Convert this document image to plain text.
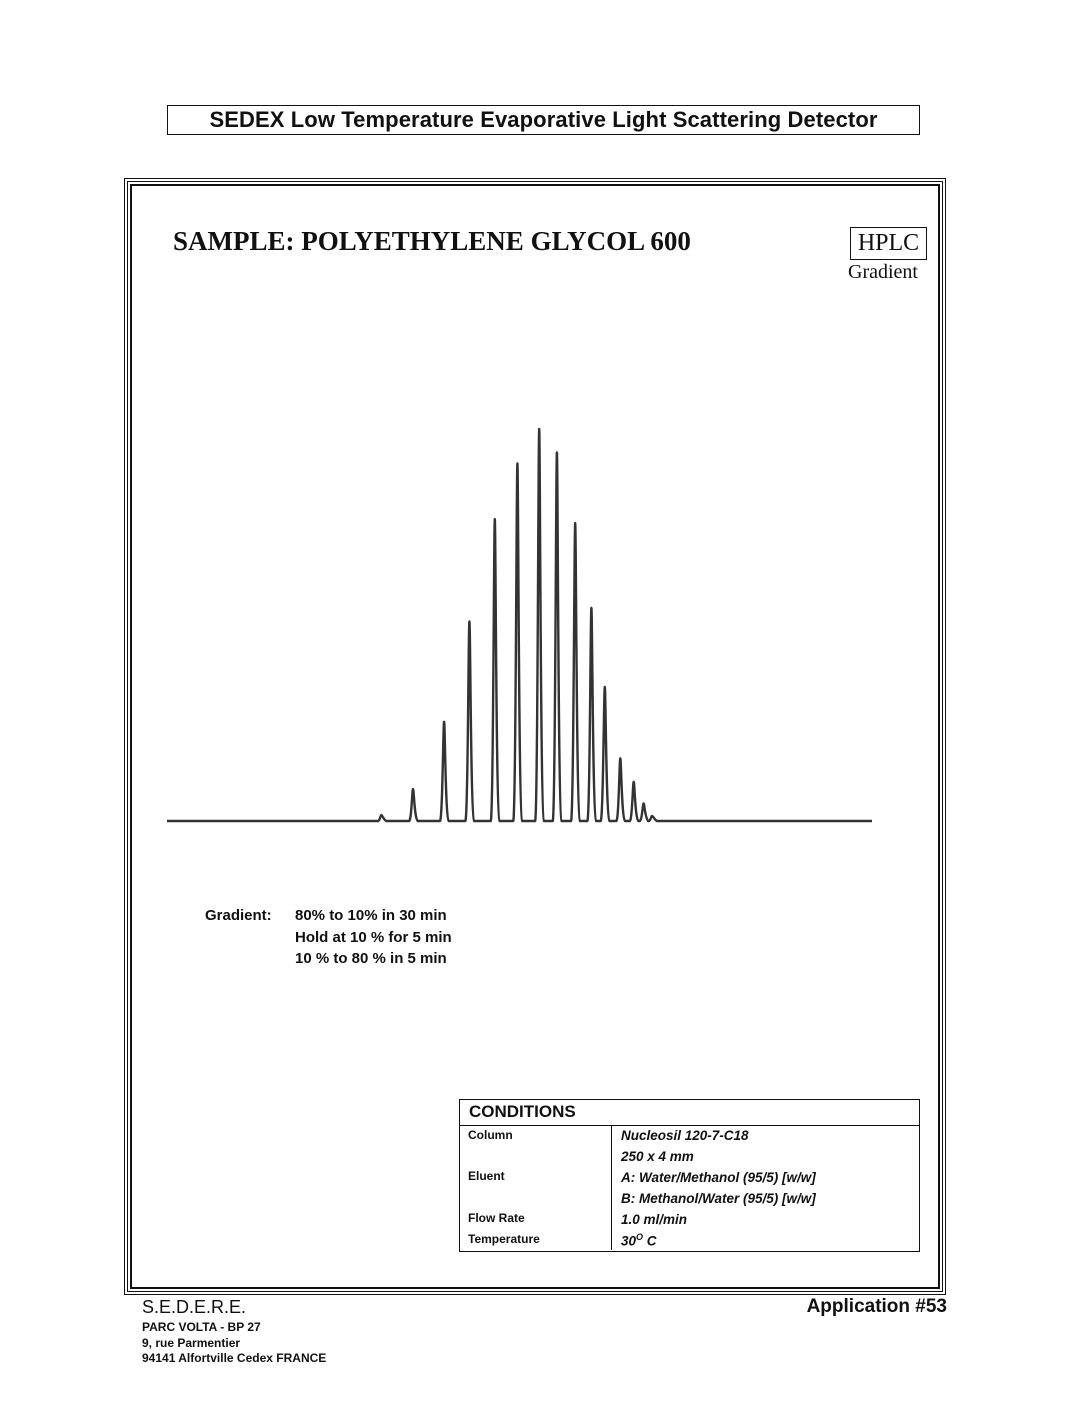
SEDEX Low Temperature Evaporative Light Scattering Detector
SAMPLE: POLYETHYLENE GLYCOL 600	HPLC
Gradient
Gradient:	80% to 10% in 30 min
Hold at 10 % for 5 min
10 % to 80 % in 5 min
CONDITIONS
Column
Eluent
Flow Rate
Temperature
Nucleosil 120-7-C18
250 x 4 mm
A: Water/Methanol (95/5) [w/w]
B: Methanol/Water (95/5) [w/w]
1.0 ml/min
$30^O$ C
S.E.D.E.R.E.
PARC VOLTA - BP 27
9, rue Parmentier
94141 Alfortville Cedex FRANCE
Application #53
